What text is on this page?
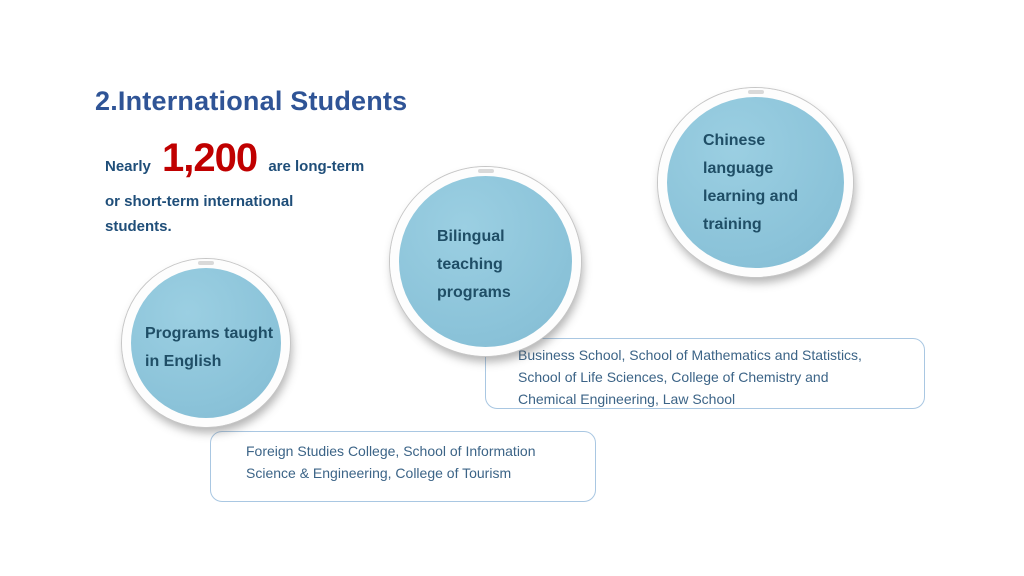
2.International Students
Nearly 1,200 are long-term
or short-term international
students.
Programs taught
in English
Bilingual
teaching
programs
Chinese
language
learning and
training
Business School, School of Mathematics and Statistics,
School of Life Sciences, College of Chemistry and
Chemical Engineering, Law School
Foreign Studies College, School of Information
Science & Engineering, College of Tourism
